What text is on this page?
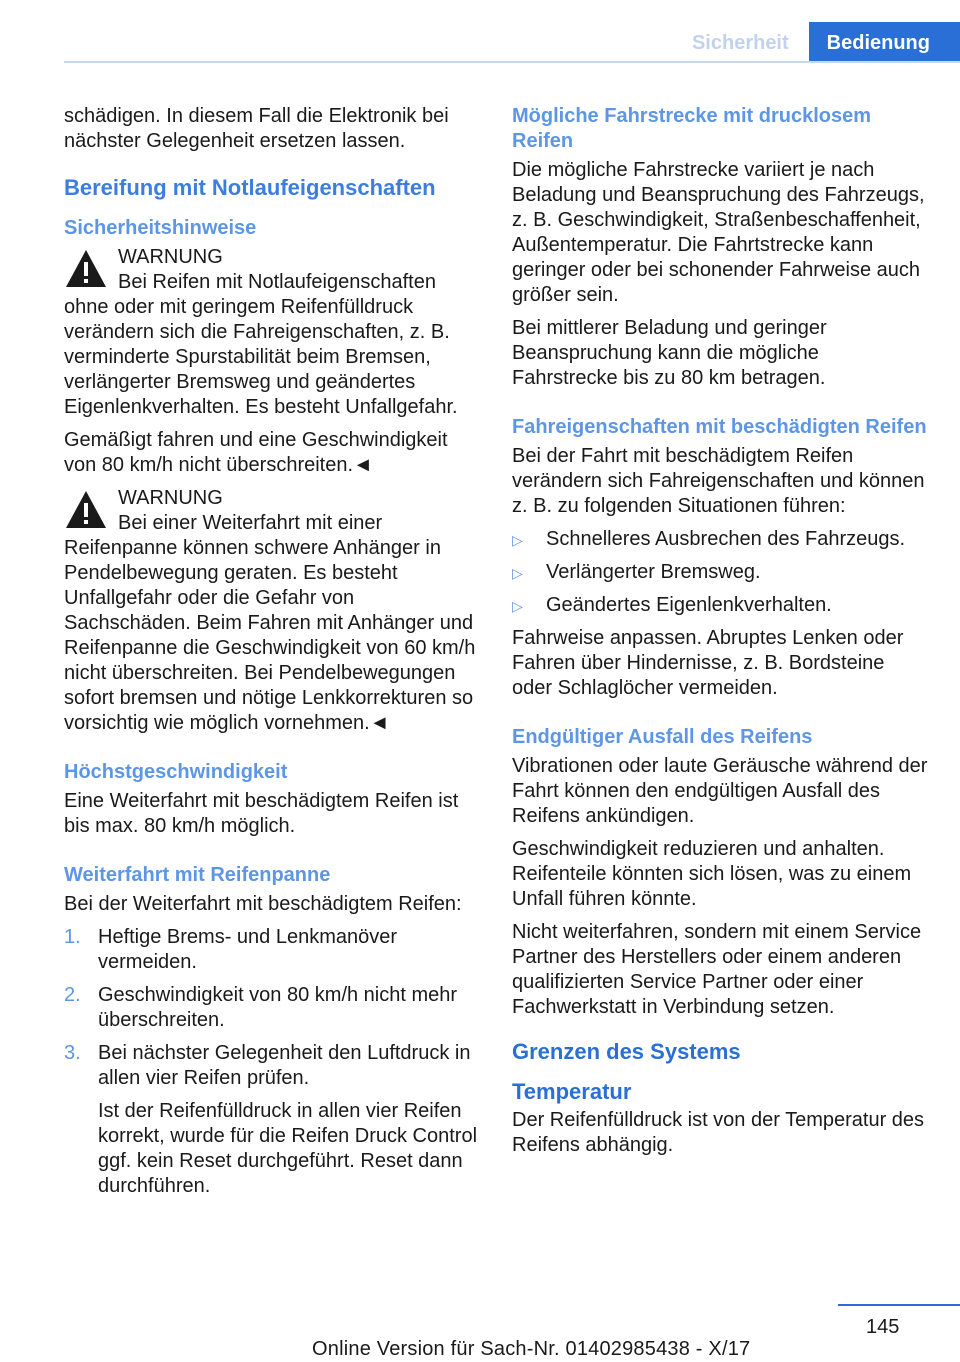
Sicherheit	Bedienung

schädigen. In diesem Fall die Elektronik bei nächster Gelegenheit ersetzen lassen.

Bereifung mit Notlaufeigenschaften
Sicherheitshinweise
WARNUNG
Bei Reifen mit Notlaufeigenschaften ohne oder mit geringem Reifenfülldruck verändern sich die Fahreigenschaften, z. B. verminderte Spurstabilität beim Bremsen, verlängerter Bremsweg und geändertes Eigenlenkverhalten. Es besteht Unfallgefahr.

Gemäßigt fahren und eine Geschwindigkeit von 80 km/h nicht überschreiten.◄

WARNUNG
Bei einer Weiterfahrt mit einer Reifenpanne können schwere Anhänger in Pendelbewegung geraten. Es besteht Unfallgefahr oder die Gefahr von Sachschäden. Beim Fahren mit Anhänger und Reifenpanne die Geschwindigkeit von 60 km/h nicht überschreiten. Bei Pendelbewegungen sofort bremsen und nötige Lenkkorrekturen so vorsichtig wie möglich vornehmen.◄
Höchstgeschwindigkeit

Eine Weiterfahrt mit beschädigtem Reifen ist bis max. 80 km/h möglich.

Weiterfahrt mit Reifenpanne

Bei der Weiterfahrt mit beschädigtem Reifen:

1. Heftige Brems- und Lenkmanöver vermeiden.
2. Geschwindigkeit von 80 km/h nicht mehr überschreiten.
3. Bei nächster Gelegenheit den Luftdruck in allen vier Reifen prüfen.
Ist der Reifenfülldruck in allen vier Reifen korrekt, wurde für die Reifen Druck Control ggf. kein Reset durchgeführt. Reset dann durchführen.
Mögliche Fahrstrecke mit drucklosem Reifen

Die mögliche Fahrstrecke variiert je nach Beladung und Beanspruchung des Fahrzeugs, z. B. Geschwindigkeit, Straßenbeschaffenheit, Außentemperatur. Die Fahrtstrecke kann geringer oder bei schonender Fahrweise auch größer sein.

Bei mittlerer Beladung und geringer Beanspruchung kann die mögliche Fahrstrecke bis zu 80 km betragen.

Fahreigenschaften mit beschädigten Reifen

Bei der Fahrt mit beschädigtem Reifen verändern sich Fahreigenschaften und können z. B. zu folgenden Situationen führen:

▷ Schnelleres Ausbrechen des Fahrzeugs.
▷ Verlängerter Bremsweg.
▷ Geändertes Eigenlenkverhalten.

Fahrweise anpassen. Abruptes Lenken oder Fahren über Hindernisse, z. B. Bordsteine oder Schlaglöcher vermeiden.

Endgültiger Ausfall des Reifens

Vibrationen oder laute Geräusche während der Fahrt können den endgültigen Ausfall des Reifens ankündigen.

Geschwindigkeit reduzieren und anhalten. Reifenteile könnten sich lösen, was zu einem Unfall führen könnte.

Nicht weiterfahren, sondern mit einem Service Partner des Herstellers oder einem anderen qualifizierten Service Partner oder einer Fachwerkstatt in Verbindung setzen.

Grenzen des Systems
Temperatur

Der Reifenfülldruck ist von der Temperatur des Reifens abhängig.

145
Online Version für Sach-Nr. 01402985438 - X/17
